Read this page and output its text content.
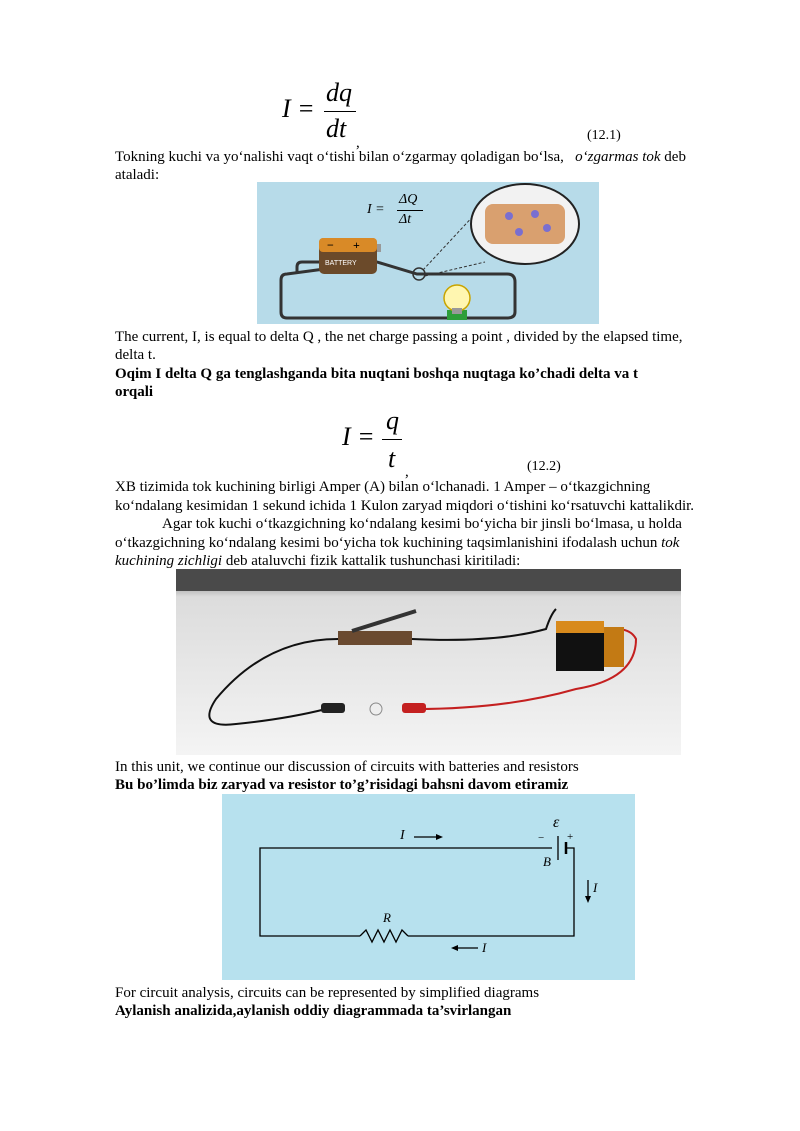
I =
dq
dt ,	(12.1)
Tokning kuchi va yoʻnalishi vaqt oʻtishi bilan oʻzgarmay qoladigan boʻlsa, oʻzgarmas tok deb
ataladi:
I =
ΔQ
Δt
− +
BATTERY
The current, I, is equal to delta Q , the net charge passing a point , divided by the elapsed time,
delta t.
Oqim I delta Q ga tenglashganda bita nuqtani boshqa nuqtaga ko’chadi delta va t
orqali
I =
q
t ,	(12.2)
XB tizimida tok kuchining birligi Amper (A) bilan oʻlchanadi. 1 Amper – oʻtkazgichning
koʻndalang kesimidan 1 sekund ichida 1 Kulon zaryad miqdori oʻtishini koʻrsatuvchi kattalikdir.
Agar tok kuchi oʻtkazgichning koʻndalang kesimi boʻyicha bir jinsli boʻlmasa, u holda
oʻtkazgichning koʻndalang kesimi boʻyicha tok kuchining taqsimlanishini ifodalash uchun tok
kuchining zichligi deb ataluvchi fizik kattalik tushunchasi kiritiladi:
In this unit, we continue our discussion of circuits with batteries and resistors
Bu bo’limda biz zaryad va resistor to’g’risidagi bahsni davom etiramiz
I
ε
− +
B
I
R
I
For circuit analysis, circuits can be represented by simplified diagrams
Aylanish analizida,aylanish oddiy diagrammada ta’svirlangan
